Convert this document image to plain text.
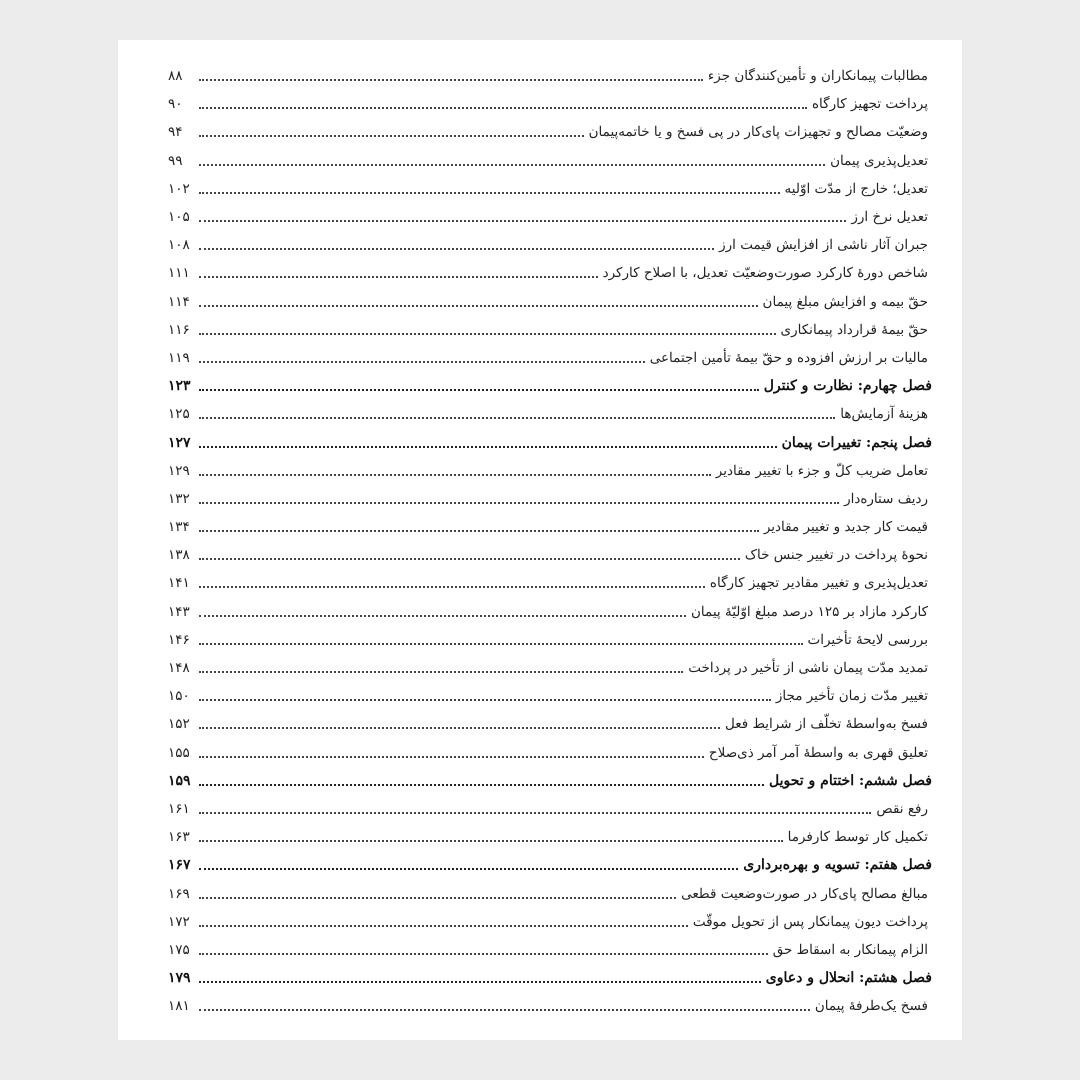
مطالبات پیمانکاران و تأمین‌کنندگان جزء
۸۸
پرداخت تجهیز کارگاه
۹۰
وضعیّت مصالح و تجهیزات پای‌کار در پی فسخ و یا خاتمه‌پیمان
۹۴
تعدیل‌پذیری پیمان
۹۹
تعدیل؛ خارج از مدّت اوّلیه
۱۰۲
تعدیل نرخ ارز
۱۰۵
جبران آثار ناشی از افزایش قیمت ارز
۱۰۸
شاخص دورهٔ کارکرد صورت‌وضعیّت تعدیل، با اصلاح کارکرد
۱۱۱
حقّ بیمه و افزایش مبلغ پیمان
۱۱۴
حقّ بیمهٔ قرارداد پیمانکاری
۱۱۶
مالیات بر ارزش افزوده و حقّ بیمهٔ تأمین اجتماعی
۱۱۹
فصل چهارم: نظارت و کنترل
۱۲۳
هزینهٔ آزمایش‌ها
۱۲۵
فصل پنجم: تغییرات پیمان
۱۲۷
تعامل ضریب کلّ و جزء با تغییر مقادیر
۱۲۹
ردیف ستاره‌دار
۱۳۲
قیمت کار جدید و تغییر مقادیر
۱۳۴
نحوهٔ پرداخت در تغییر جنس خاک
۱۳۸
تعدیل‌پذیری و تغییر مقادیر تجهیز کارگاه
۱۴۱
کارکرد مازاد بر ۱۲۵ درصد مبلغ اوّلیّهٔ پیمان
۱۴۳
بررسی لایحهٔ تأخیرات
۱۴۶
تمدید مدّت پیمان ناشی از تأخیر در پرداخت
۱۴۸
تغییر مدّت زمان تأخیر مجاز
۱۵۰
فسخ به‌واسطهٔ تخلّف از شرایط فعل
۱۵۲
تعلیق قهری به واسطهٔ آمر آمر ذی‌صلاح
۱۵۵
فصل ششم: اختتام و تحویل
۱۵۹
رفع نقص
۱۶۱
تکمیل کار توسط کارفرما
۱۶۳
فصل هفتم: تسویه و بهره‌برداری
۱۶۷
مبالغ مصالح پای‌کار در صورت‌وضعیت قطعی
۱۶۹
پرداخت دیون پیمانکار پس از تحویل موقّت
۱۷۲
الزام پیمانکار به اسقاط حق
۱۷۵
فصل هشتم: انحلال و دعاوی
۱۷۹
فسخ یک‌طرفهٔ پیمان
۱۸۱
